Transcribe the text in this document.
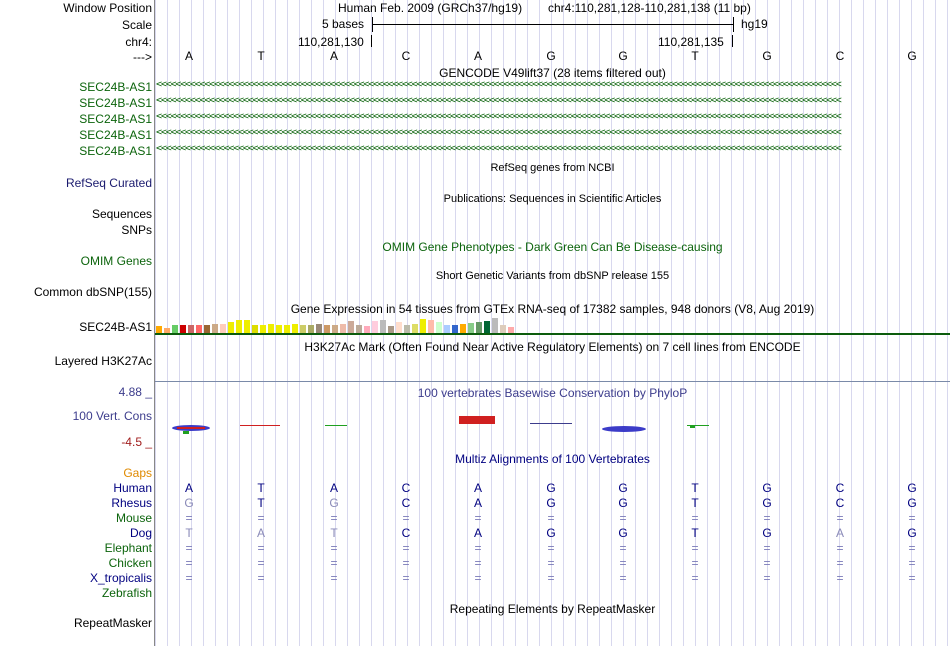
Window Position
Scale
chr4:
--->
Human Feb. 2009 (GRCh37/hg19) chr4:110,281,128-110,281,138 (11 bp)
5 bases	hg19
110,281,130	110,281,135
A	T	A	C	A	G	G	T	G	C	G
GENCODE V49lift37 (28 items filtered out)
SEC24B-AS1 <<<<<<<<<<<<<<<<<<<<<<<<<<<<<<<<<<<<<<<<<<<<<<<<<<<<<<<<<<<<<<<<<<<<<<<<<<<<<<<<<<<<<<<<<<<<<<<<<<<<<<<<<<<<<<<<<<<<<<<<<<<<<<<<<<<<<<<<<<<<<<
SEC24B-AS1 <<<<<<<<<<<<<<<<<<<<<<<<<<<<<<<<<<<<<<<<<<<<<<<<<<<<<<<<<<<<<<<<<<<<<<<<<<<<<<<<<<<<<<<<<<<<<<<<<<<<<<<<<<<<<<<<<<<<<<<<<<<<<<<<<<<<<<<<<<<<<<
SEC24B-AS1 <<<<<<<<<<<<<<<<<<<<<<<<<<<<<<<<<<<<<<<<<<<<<<<<<<<<<<<<<<<<<<<<<<<<<<<<<<<<<<<<<<<<<<<<<<<<<<<<<<<<<<<<<<<<<<<<<<<<<<<<<<<<<<<<<<<<<<<<<<<<<<
SEC24B-AS1 <<<<<<<<<<<<<<<<<<<<<<<<<<<<<<<<<<<<<<<<<<<<<<<<<<<<<<<<<<<<<<<<<<<<<<<<<<<<<<<<<<<<<<<<<<<<<<<<<<<<<<<<<<<<<<<<<<<<<<<<<<<<<<<<<<<<<<<<<<<<<<
SEC24B-AS1 <<<<<<<<<<<<<<<<<<<<<<<<<<<<<<<<<<<<<<<<<<<<<<<<<<<<<<<<<<<<<<<<<<<<<<<<<<<<<<<<<<<<<<<<<<<<<<<<<<<<<<<<<<<<<<<<<<<<<<<<<<<<<<<<<<<<<<<<<<<<<<
RefSeq genes from NCBI
RefSeq Curated
Publications: Sequences in Scientific Articles
Sequences
SNPs
OMIM Gene Phenotypes - Dark Green Can Be Disease-causing
OMIM Genes
Short Genetic Variants from dbSNP release 155
Common dbSNP(155)
Gene Expression in 54 tissues from GTEx RNA-seq of 17382 samples, 948 donors (V8, Aug 2019)
SEC24B-AS1
H3K27Ac Mark (Often Found Near Active Regulatory Elements) on 7 cell lines from ENCODE
Layered H3K27Ac
100 vertebrates Basewise Conservation by PhyloP
4.88 _
100 Vert. Cons
-4.5 _
Multiz Alignments of 100 Vertebrates
Gaps
Human	A	T	A	C	A	G	G	T	G	C	G
Rhesus	G	T	G	C	A	G	G	T	G	C	G
Mouse	=	=	=	=	=	=	=	=	=	=	=
Dog	T	A	T	C	A	G	G	T	G	A	G
Elephant	=	=	=	=	=	=	=	=	=	=	=
Chicken	=	=	=	=	=	=	=	=	=	=	=
X_tropicalis	=	=	=	=	=	=	=	=	=	=	=
Zebrafish
Repeating Elements by RepeatMasker
RepeatMasker
